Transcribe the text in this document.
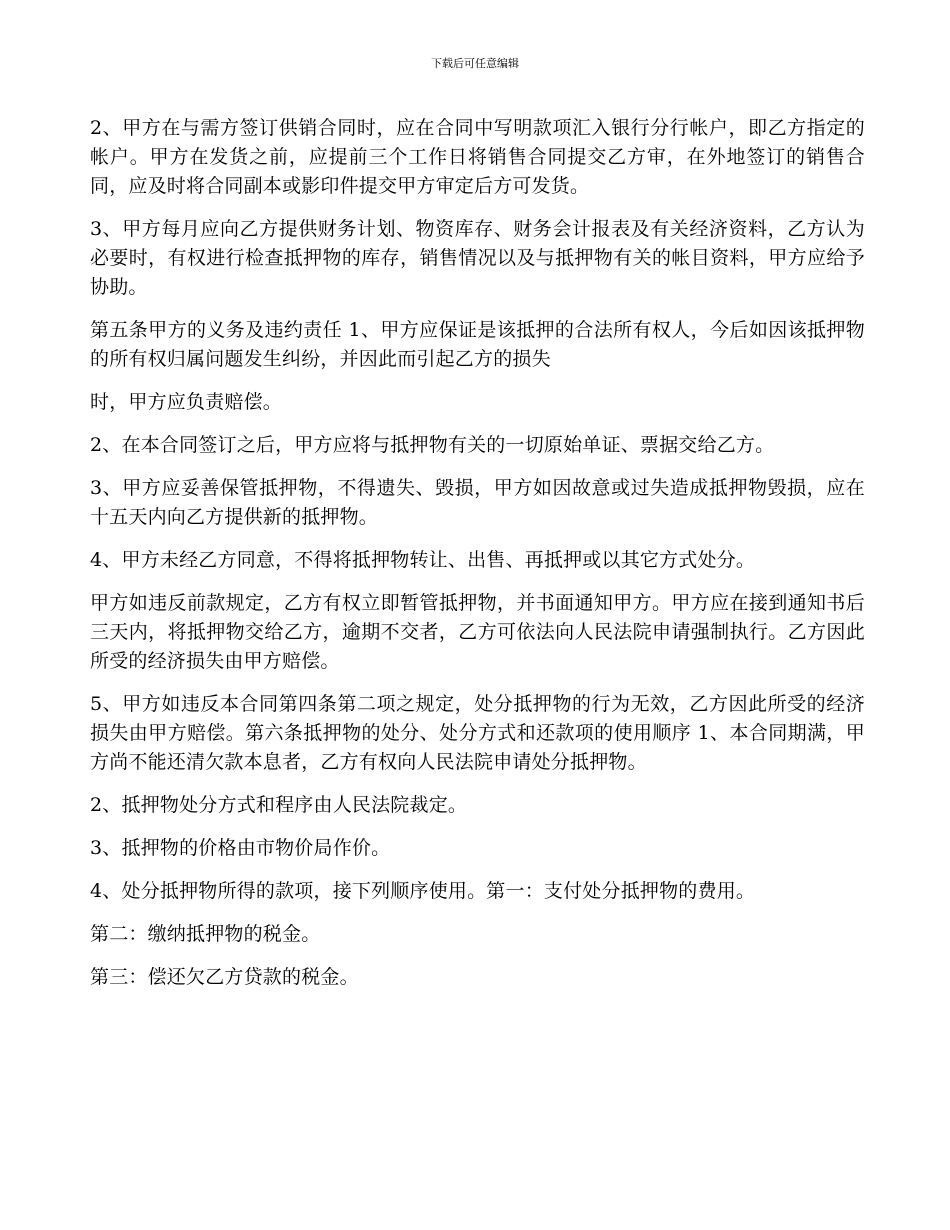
下载后可任意编辑

2、甲方在与需方签订供销合同时，应在合同中写明款项汇入银行分行帐户，即乙方指定的帐户。甲方在发货之前，应提前三个工作日将销售合同提交乙方审，在外地签订的销售合同，应及时将合同副本或影印件提交甲方审定后方可发货。

3、甲方每月应向乙方提供财务计划、物资库存、财务会计报表及有关经济资料，乙方认为必要时，有权进行检查抵押物的库存，销售情况以及与抵押物有关的帐目资料，甲方应给予协助。

第五条甲方的义务及违约责任 1、甲方应保证是该抵押的合法所有权人，今后如因该抵押物的所有权归属问题发生纠纷，并因此而引起乙方的损失

时，甲方应负责赔偿。

2、在本合同签订之后，甲方应将与抵押物有关的一切原始单证、票据交给乙方。

3、甲方应妥善保管抵押物，不得遗失、毁损，甲方如因故意或过失造成抵押物毁损，应在十五天内向乙方提供新的抵押物。

4、甲方未经乙方同意，不得将抵押物转让、出售、再抵押或以其它方式处分。

甲方如违反前款规定，乙方有权立即暂管抵押物，并书面通知甲方。甲方应在接到通知书后三天内，将抵押物交给乙方，逾期不交者，乙方可依法向人民法院申请强制执行。乙方因此所受的经济损失由甲方赔偿。

5、甲方如违反本合同第四条第二项之规定，处分抵押物的行为无效，乙方因此所受的经济损失由甲方赔偿。第六条抵押物的处分、处分方式和还款项的使用顺序 1、本合同期满，甲方尚不能还清欠款本息者，乙方有权向人民法院申请处分抵押物。

2、抵押物处分方式和程序由人民法院裁定。

3、抵押物的价格由市物价局作价。

4、处分抵押物所得的款项，接下列顺序使用。第一：支付处分抵押物的费用。

第二：缴纳抵押物的税金。

第三：偿还欠乙方贷款的税金。
